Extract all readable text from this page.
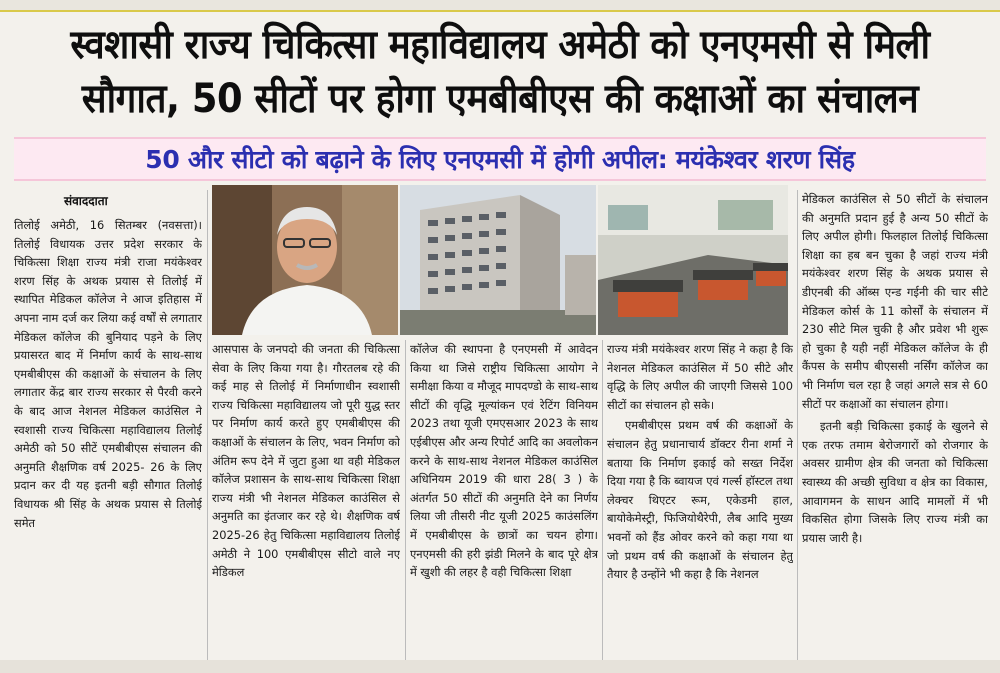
स्वशासी राज्य चिकित्सा महाविद्यालय अमेठी को एनएमसी से मिली
सौगात, 50 सीटों पर होगा एमबीबीएस की कक्षाओं का संचालन
50 और सीटो को बढ़ाने के लिए एनएमसी में होगी अपील: मयंकेश्वर शरण सिंह
संवाददाता

तिलोई अमेठी, 16 सितम्बर (नवसत्ता)। तिलोई विधायक उत्तर प्रदेश सरकार के चिकित्सा शिक्षा राज्य मंत्री राजा मयंकेश्वर शरण सिंह के अथक प्रयास से तिलोई में स्थापित मेडिकल कॉलेज ने आज इतिहास में अपना नाम दर्ज कर लिया कई वर्षों से लगातार मेडिकल कॉलेज की बुनियाद पड़ने के लिए प्रयासरत बाद में निर्माण कार्य के साथ-साथ एमबीबीएस की कक्षाओं के संचालन के लिए लगातार केंद्र बार राज्य सरकार से पैरवी करने के बाद आज नेशनल मेडिकल काउंसिल ने स्वशासी राज्य चिकित्सा महाविद्यालय तिलोई अमेठी को 50 सीटें एमबीबीएस संचालन की अनुमति शैक्षणिक वर्ष 2025- 26 के लिए प्रदान कर दी यह इतनी बड़ी सौगात तिलोई विधायक श्री सिंह के अथक प्रयास से तिलोई समेत

आसपास के जनपदो की जनता की चिकित्सा सेवा के लिए किया गया है। गौरतलब रहे की कई माह से तिलोई में निर्माणाधीन स्वशासी राज्य चिकित्सा महाविद्यालय जो पूरी युद्ध स्तर पर निर्माण कार्य करते हुए एमबीबीएस की कक्षाओं के संचालन के लिए, भवन निर्माण को अंतिम रूप देने में जुटा हुआ था वही मेडिकल कॉलेज प्रशासन के साथ-साथ चिकित्सा शिक्षा राज्य मंत्री भी नेशनल मेडिकल काउंसिल से अनुमति का इंतजार कर रहे थे। शैक्षणिक वर्ष 2025-26 हेतु चिकित्सा महाविद्यालय तिलोई अमेठी ने 100 एमबीबीएस सीटो वाले नए मेडिकल

कॉलेज की स्थापना है एनएमसी में आवेदन किया था जिसे राष्ट्रीय चिकित्सा आयोग ने समीक्षा किया व मौजूद मापदण्डो के साथ-साथ सीटों की वृद्धि मूल्यांकन एवं रेटिंग विनियम 2023 तथा यूजी एमएसआर 2023 के साथ एईबीएस और अन्य रिपोर्ट आदि का अवलोकन करने के साथ-साथ नेशनल मेडिकल काउंसिल अधिनियम 2019 की धारा 28( 3 ) के अंतर्गत 50 सीटों की अनुमति देने का निर्णय लिया जी तीसरी नीट यूजी 2025 काउंसलिंग में एमबीबीएस के छात्रों का चयन होगा। एनएमसी की हरी झंडी मिलने के बाद पूरे क्षेत्र में खुशी की लहर है वही चिकित्सा शिक्षा

राज्य मंत्री मयंकेश्वर शरण सिंह ने कहा है कि नेशनल मेडिकल काउंसिल में 50 सीटे और वृद्धि के लिए अपील की जाएगी जिससे 100 सीटों का संचालन हो सके।

एमबीबीएस प्रथम वर्ष की कक्षाओं के संचालन हेतु प्रधानाचार्य डॉक्टर रीना शर्मा ने बताया कि निर्माण इकाई को सख्त निर्देश दिया गया है कि ब्वायज एवं गर्ल्स हॉस्टल तथा लेक्चर थिएटर रूम, एकेडमी हाल, बायोकेमेस्ट्री, फिजियोथैरेपी, लैब आदि मुख्य भवनों को हैंड ओवर करने को कहा गया था जो प्रथम वर्ष की कक्षाओं के संचालन हेतु तैयार है उन्होंने भी कहा है कि नेशनल

मेडिकल काउंसिल से 50 सीटों के संचालन की अनुमति प्रदान हुई है अन्य 50 सीटों के लिए अपील होगी। फिलहाल तिलोई चिकित्सा शिक्षा का हब बन चुका है जहां राज्य मंत्री मयंकेश्वर शरण सिंह के अथक प्रयास से डीएनबी की ऑब्स एन्ड गईनी की चार सीटे मेडिकल कोर्स के 11 कोर्सों के संचालन में 230 सीटे मिल चुकी है और प्रवेश भी शुरू हो चुका है यही नहीं मेडिकल कॉलेज के ही कैंपस के समीप बीएससी नर्सिंग कॉलेज का भी निर्माण चल रहा है जहां अगले सत्र से 60 सीटों पर कक्षाओं का संचालन होगा।

इतनी बड़ी चिकित्सा इकाई के खुलने से एक तरफ तमाम बेरोजगारों को रोजगार के अवसर ग्रामीण क्षेत्र की जनता को चिकित्सा स्वास्थ्य की अच्छी सुविधा व क्षेत्र का विकास, आवागमन के साधन आदि मामलों में भी विकसित होगा जिसके लिए राज्य मंत्री का प्रयास जारी है।
